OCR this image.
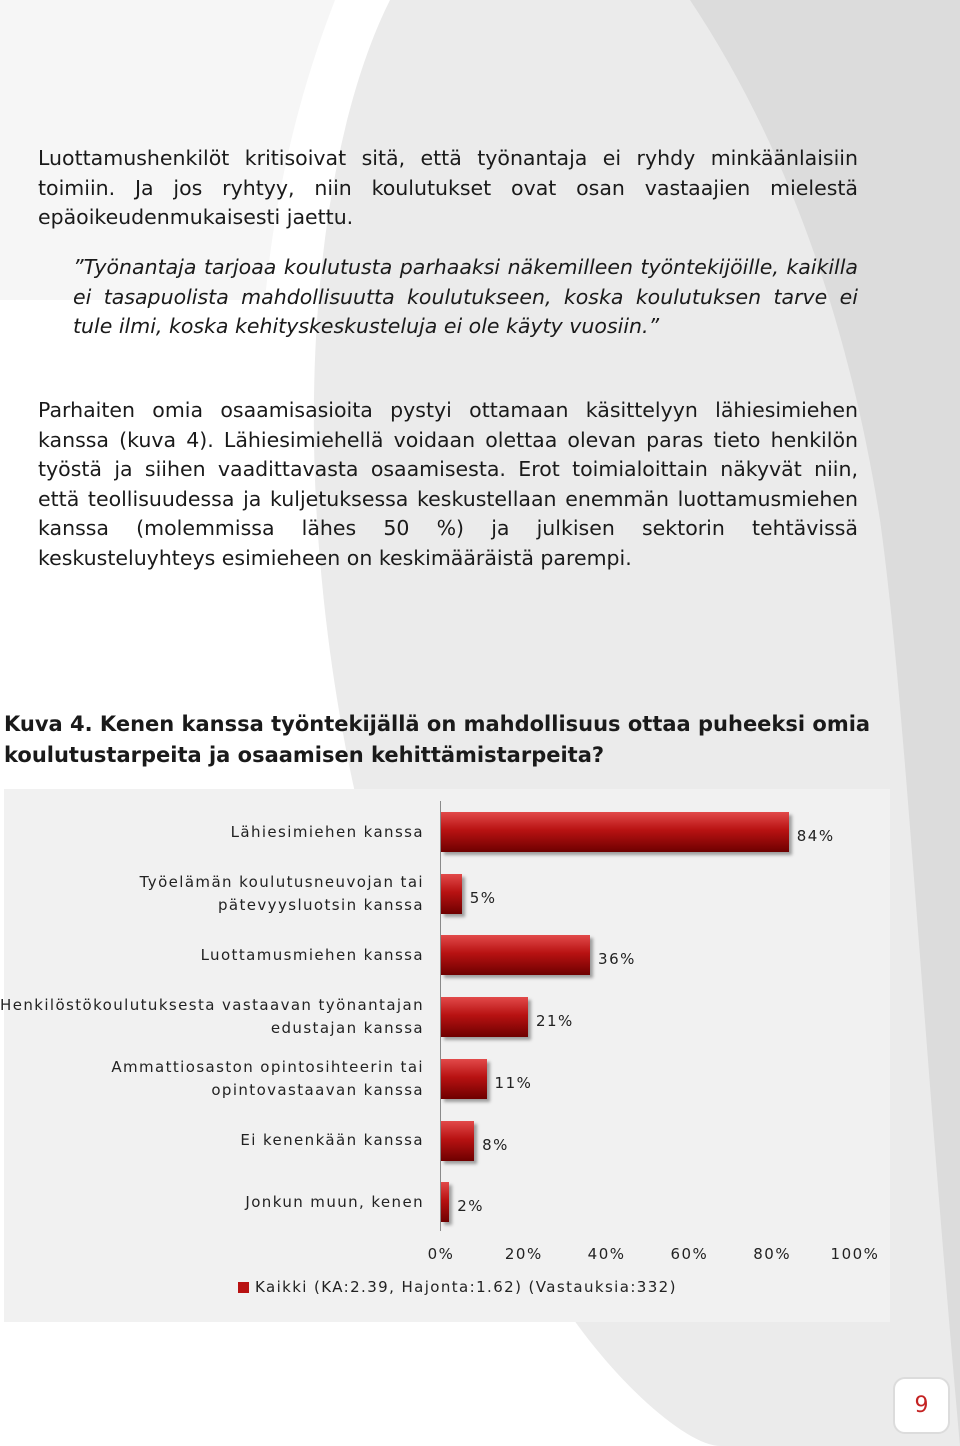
Luottamushenkilöt kritisoivat sitä, että työnantaja ei ryhdy minkäänlaisiin toimiin. Ja jos ryhtyy, niin koulutukset ovat osan vastaajien mielestä epäoikeudenmukaisesti jaettu.

”Työnantaja tarjoaa koulutusta parhaaksi näkemilleen työntekijöille, kaikilla ei tasapuolista mahdollisuutta koulutukseen, koska koulutuksen tarve ei tule ilmi, koska kehityskeskusteluja ei ole käyty vuosiin.”

Parhaiten omia osaamisasioita pystyi ottamaan käsittelyyn lähiesimiehen kanssa (kuva 4). Lähiesimiehellä voidaan olettaa olevan paras tieto henkilön työstä ja siihen vaadittavasta osaamisesta. Erot toimialoittain näkyvät niin, että teollisuudessa ja kuljetuksessa keskustellaan enemmän luottamusmiehen kanssa (molemmissa lähes 50 %) ja julkisen sektorin tehtävissä keskusteluyhteys esimieheen on keskimääräistä parempi.

Kuva 4. Kenen kanssa työntekijällä on mahdollisuus ottaa puheeksi omia koulutustarpeita ja osaamisen kehittämistarpeita?

Kaikki (KA:2.39, Hajonta:1.62) (Vastauksia:332)
Lähiesimiehen kanssa	84%
Työelämän koulutusneuvojan tai
pätevyysluotsin kanssa	5%
Luottamusmiehen kanssa	36%
Henkilöstökoulutuksesta vastaavan työnantajan
edustajan kanssa	21%
Ammattiosaston opintosihteerin tai
opintovastaavan kanssa	11%
Ei kenenkään kanssa	8%
Jonkun muun, kenen 2%
0%	20%	40%	60%	80%	100%
9
